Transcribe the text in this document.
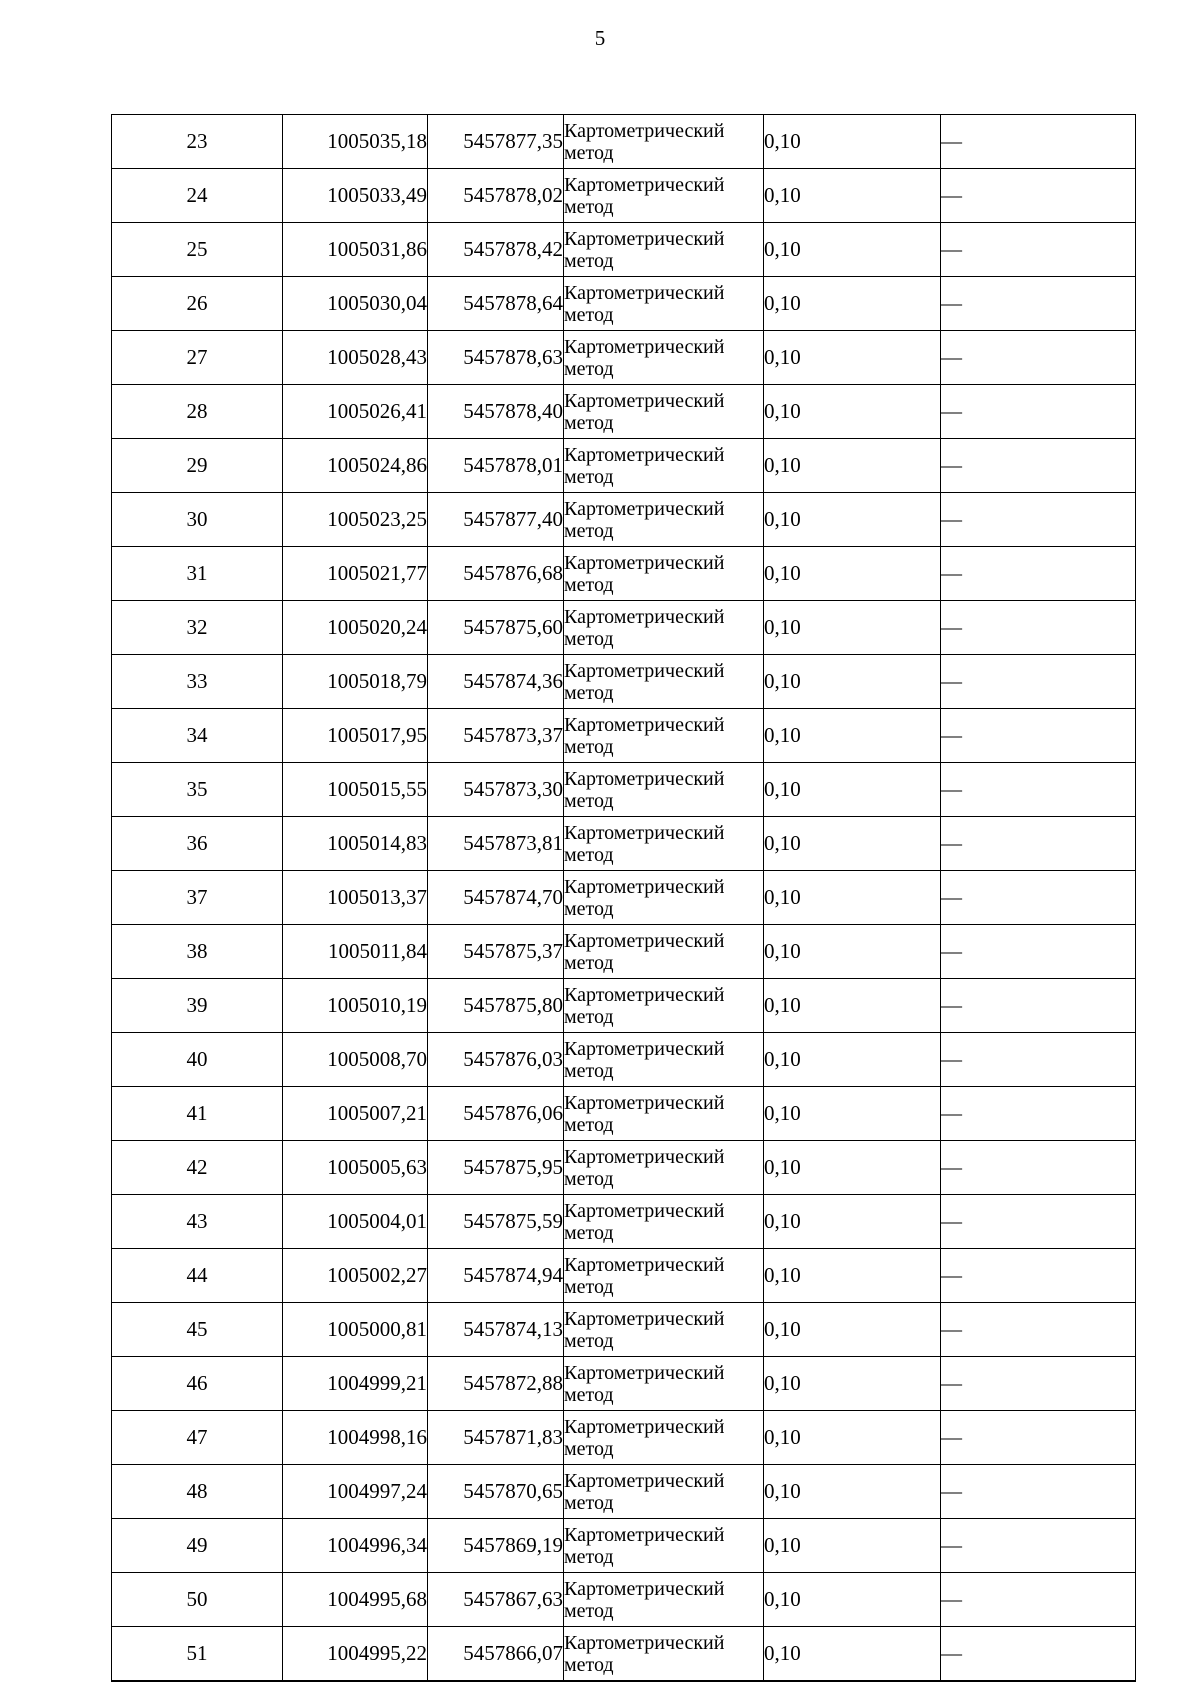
5
23	1005035,18	5457877,35	Картометрический метод	0,10	—
24	1005033,49	5457878,02	Картометрический метод	0,10	—
25	1005031,86	5457878,42	Картометрический метод	0,10	—
26	1005030,04	5457878,64	Картометрический метод	0,10	—
27	1005028,43	5457878,63	Картометрический метод	0,10	—
28	1005026,41	5457878,40	Картометрический метод	0,10	—
29	1005024,86	5457878,01	Картометрический метод	0,10	—
30	1005023,25	5457877,40	Картометрический метод	0,10	—
31	1005021,77	5457876,68	Картометрический метод	0,10	—
32	1005020,24	5457875,60	Картометрический метод	0,10	—
33	1005018,79	5457874,36	Картометрический метод	0,10	—
34	1005017,95	5457873,37	Картометрический метод	0,10	—
35	1005015,55	5457873,30	Картометрический метод	0,10	—
36	1005014,83	5457873,81	Картометрический метод	0,10	—
37	1005013,37	5457874,70	Картометрический метод	0,10	—
38	1005011,84	5457875,37	Картометрический метод	0,10	—
39	1005010,19	5457875,80	Картометрический метод	0,10	—
40	1005008,70	5457876,03	Картометрический метод	0,10	—
41	1005007,21	5457876,06	Картометрический метод	0,10	—
42	1005005,63	5457875,95	Картометрический метод	0,10	—
43	1005004,01	5457875,59	Картометрический метод	0,10	—
44	1005002,27	5457874,94	Картометрический метод	0,10	—
45	1005000,81	5457874,13	Картометрический метод	0,10	—
46	1004999,21	5457872,88	Картометрический метод	0,10	—
47	1004998,16	5457871,83	Картометрический метод	0,10	—
48	1004997,24	5457870,65	Картометрический метод	0,10	—
49	1004996,34	5457869,19	Картометрический метод	0,10	—
50	1004995,68	5457867,63	Картометрический метод	0,10	—
51	1004995,22	5457866,07	Картометрический метод	0,10	—
